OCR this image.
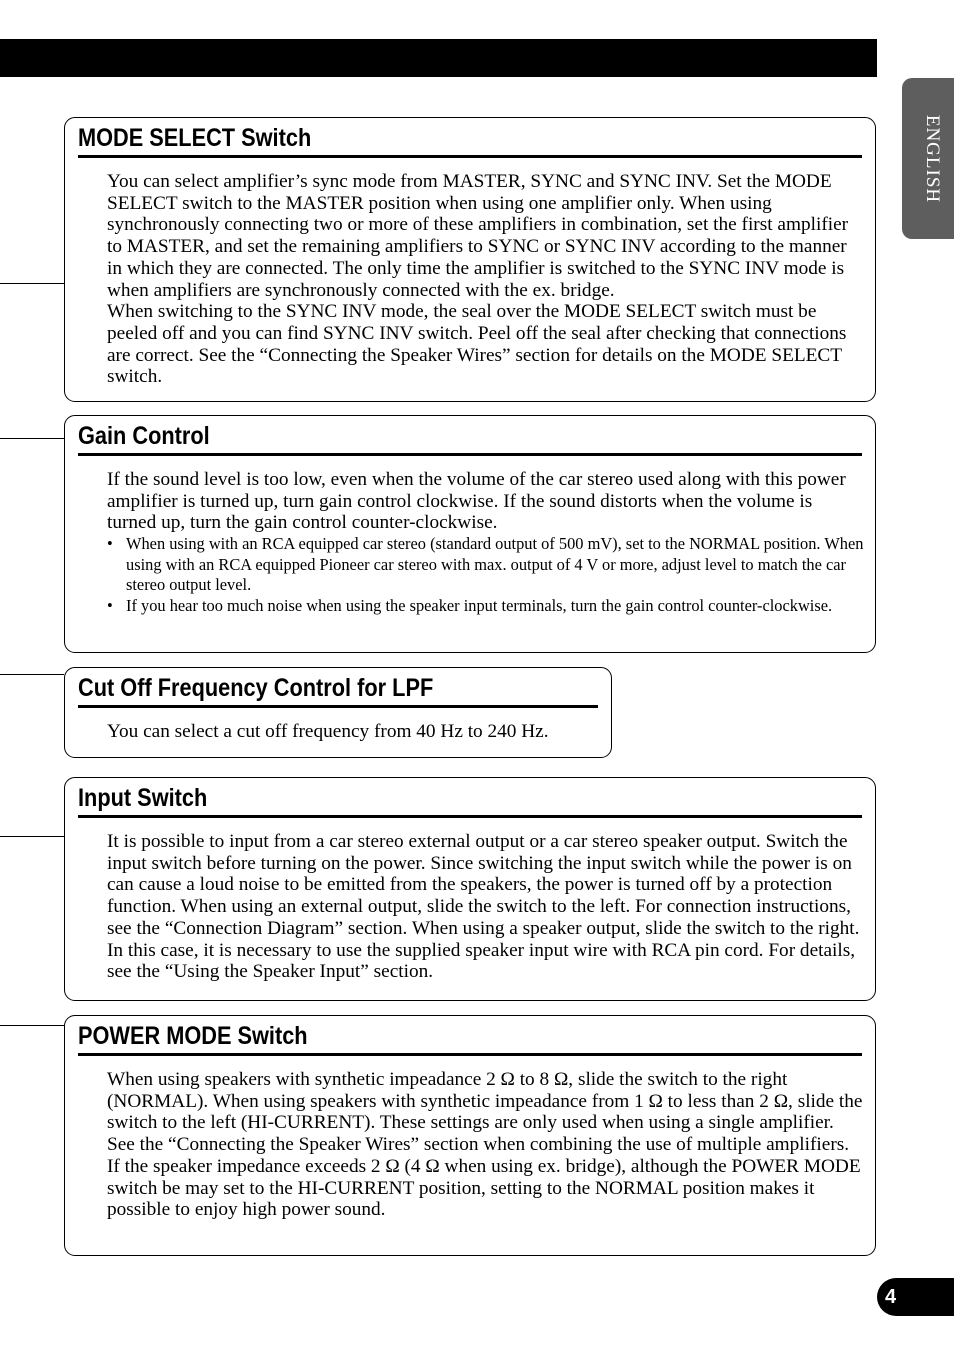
ENGLISH
MODE SELECT Switch

You can select amplifier’s sync mode from MASTER, SYNC and SYNC INV. Set the MODE SELECT switch to the MASTER position when using one amplifier only. When using synchronously connecting two or more of these amplifiers in combination, set the first amplifier to MASTER, and set the remaining amplifiers to SYNC or SYNC INV according to the manner in which they are connected. The only time the amplifier is switched to the SYNC INV mode is when amplifiers are synchronously connected with the ex. bridge.

When switching to the SYNC INV mode, the seal over the MODE SELECT switch must be peeled off and you can find SYNC INV switch. Peel off the seal after checking that connections are correct. See the “Connecting the Speaker Wires” section for details on the MODE SELECT switch.

Gain Control

If the sound level is too low, even when the volume of the car stereo used along with this power amplifier is turned up, turn gain control clockwise. If the sound distorts when the volume is turned up, turn the gain control counter-clockwise.

• When using with an RCA equipped car stereo (standard output of 500 mV), set to the NORMAL position. When using with an RCA equipped Pioneer car stereo with max. output of 4 V or more, adjust level to match the car stereo output level.
• If you hear too much noise when using the speaker input terminals, turn the gain control counter-clockwise.
Cut Off Frequency Control for LPF

You can select a cut off frequency from 40 Hz to 240 Hz.

Input Switch

It is possible to input from a car stereo external output or a car stereo speaker output. Switch the input switch before turning on the power. Since switching the input switch while the power is on can cause a loud noise to be emitted from the speakers, the power is turned off by a protection function. When using an external output, slide the switch to the left. For connection instructions, see the “Connection Diagram” section. When using a speaker output, slide the switch to the right. In this case, it is necessary to use the supplied speaker input wire with RCA pin cord. For details, see the “Using the Speaker Input” section.

POWER MODE Switch

When using speakers with synthetic impeadance 2 Ω to 8 Ω, slide the switch to the right (NORMAL). When using speakers with synthetic impeadance from 1 Ω to less than 2 Ω, slide the switch to the left (HI-CURRENT). These settings are only used when using a single amplifier. See the “Connecting the Speaker Wires” section when combining the use of multiple amplifiers.

If the speaker impedance exceeds 2 Ω (4 Ω when using ex. bridge), although the POWER MODE switch be may set to the HI-CURRENT position, setting to the NORMAL position makes it possible to enjoy high power sound.

4
